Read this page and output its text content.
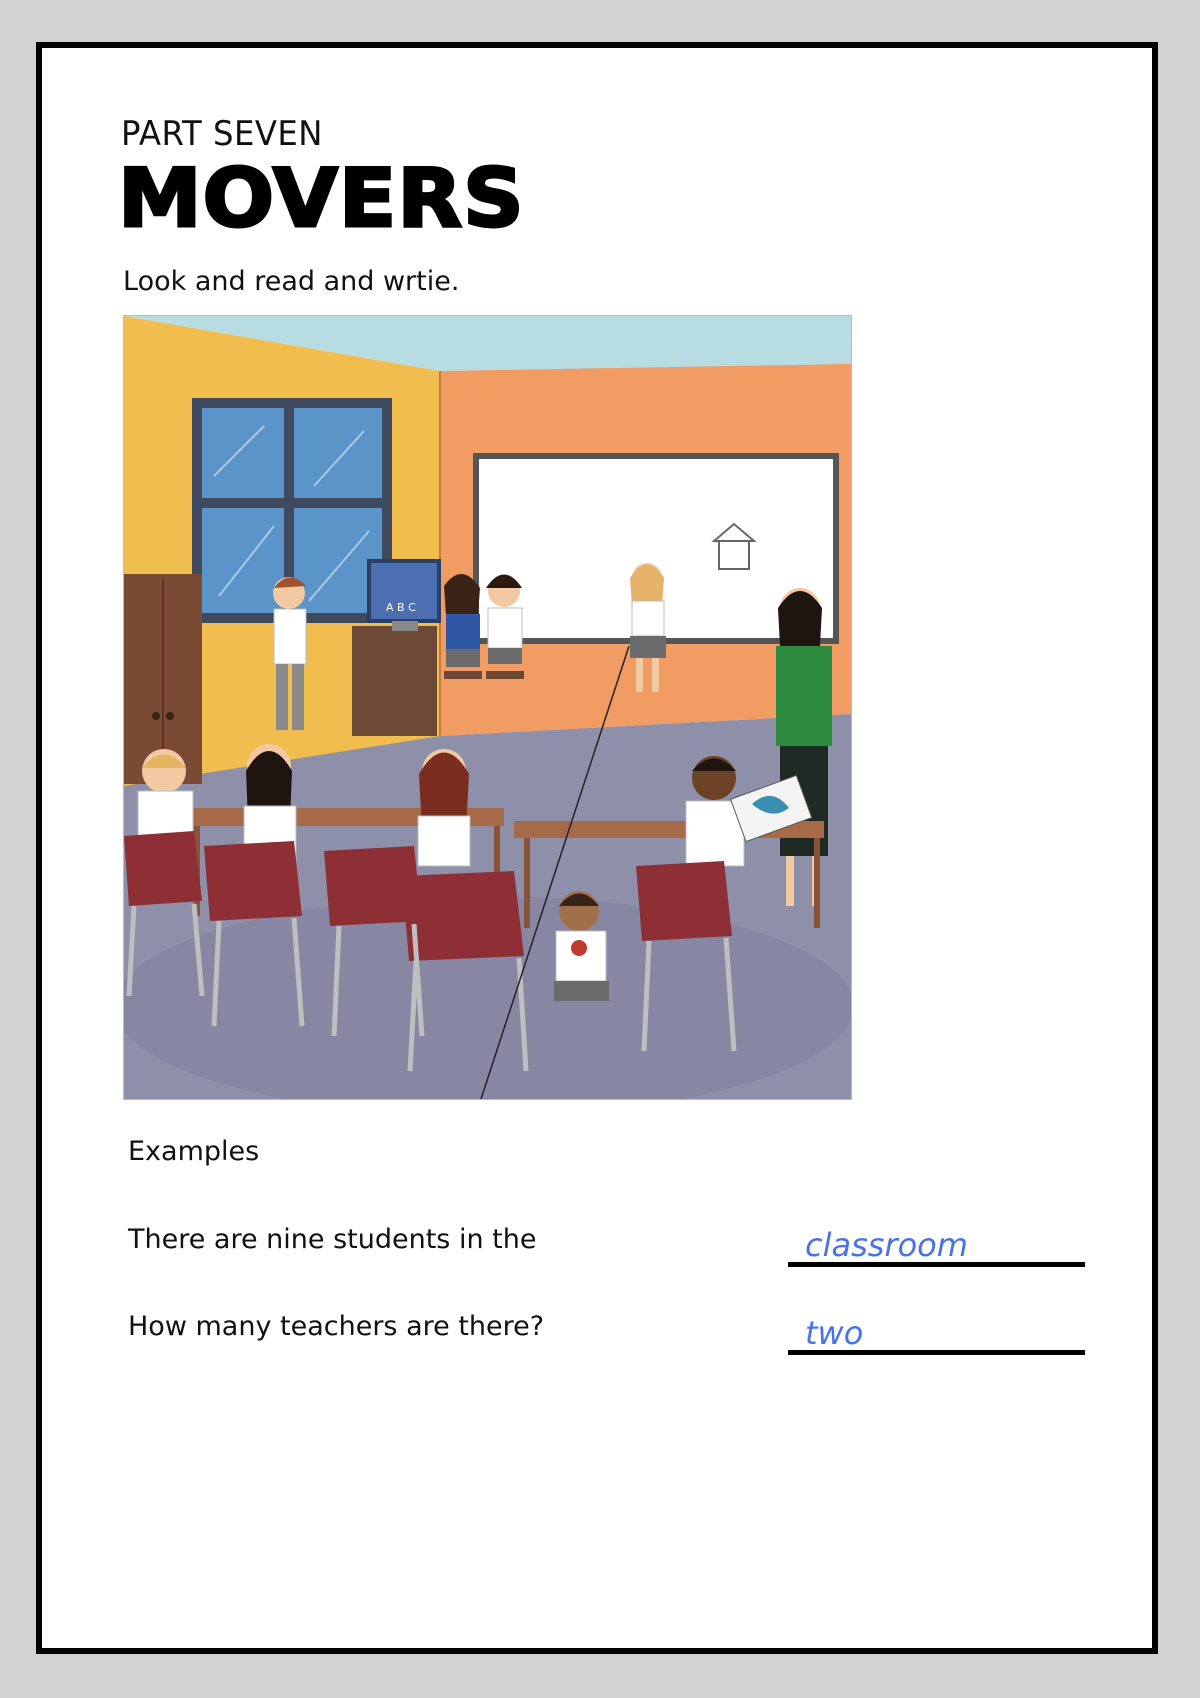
PART SEVEN
MOVERS
Look and read and wrtie.
A B C
Examples
There are nine students in the	classroom
How many teachers are there?	two
